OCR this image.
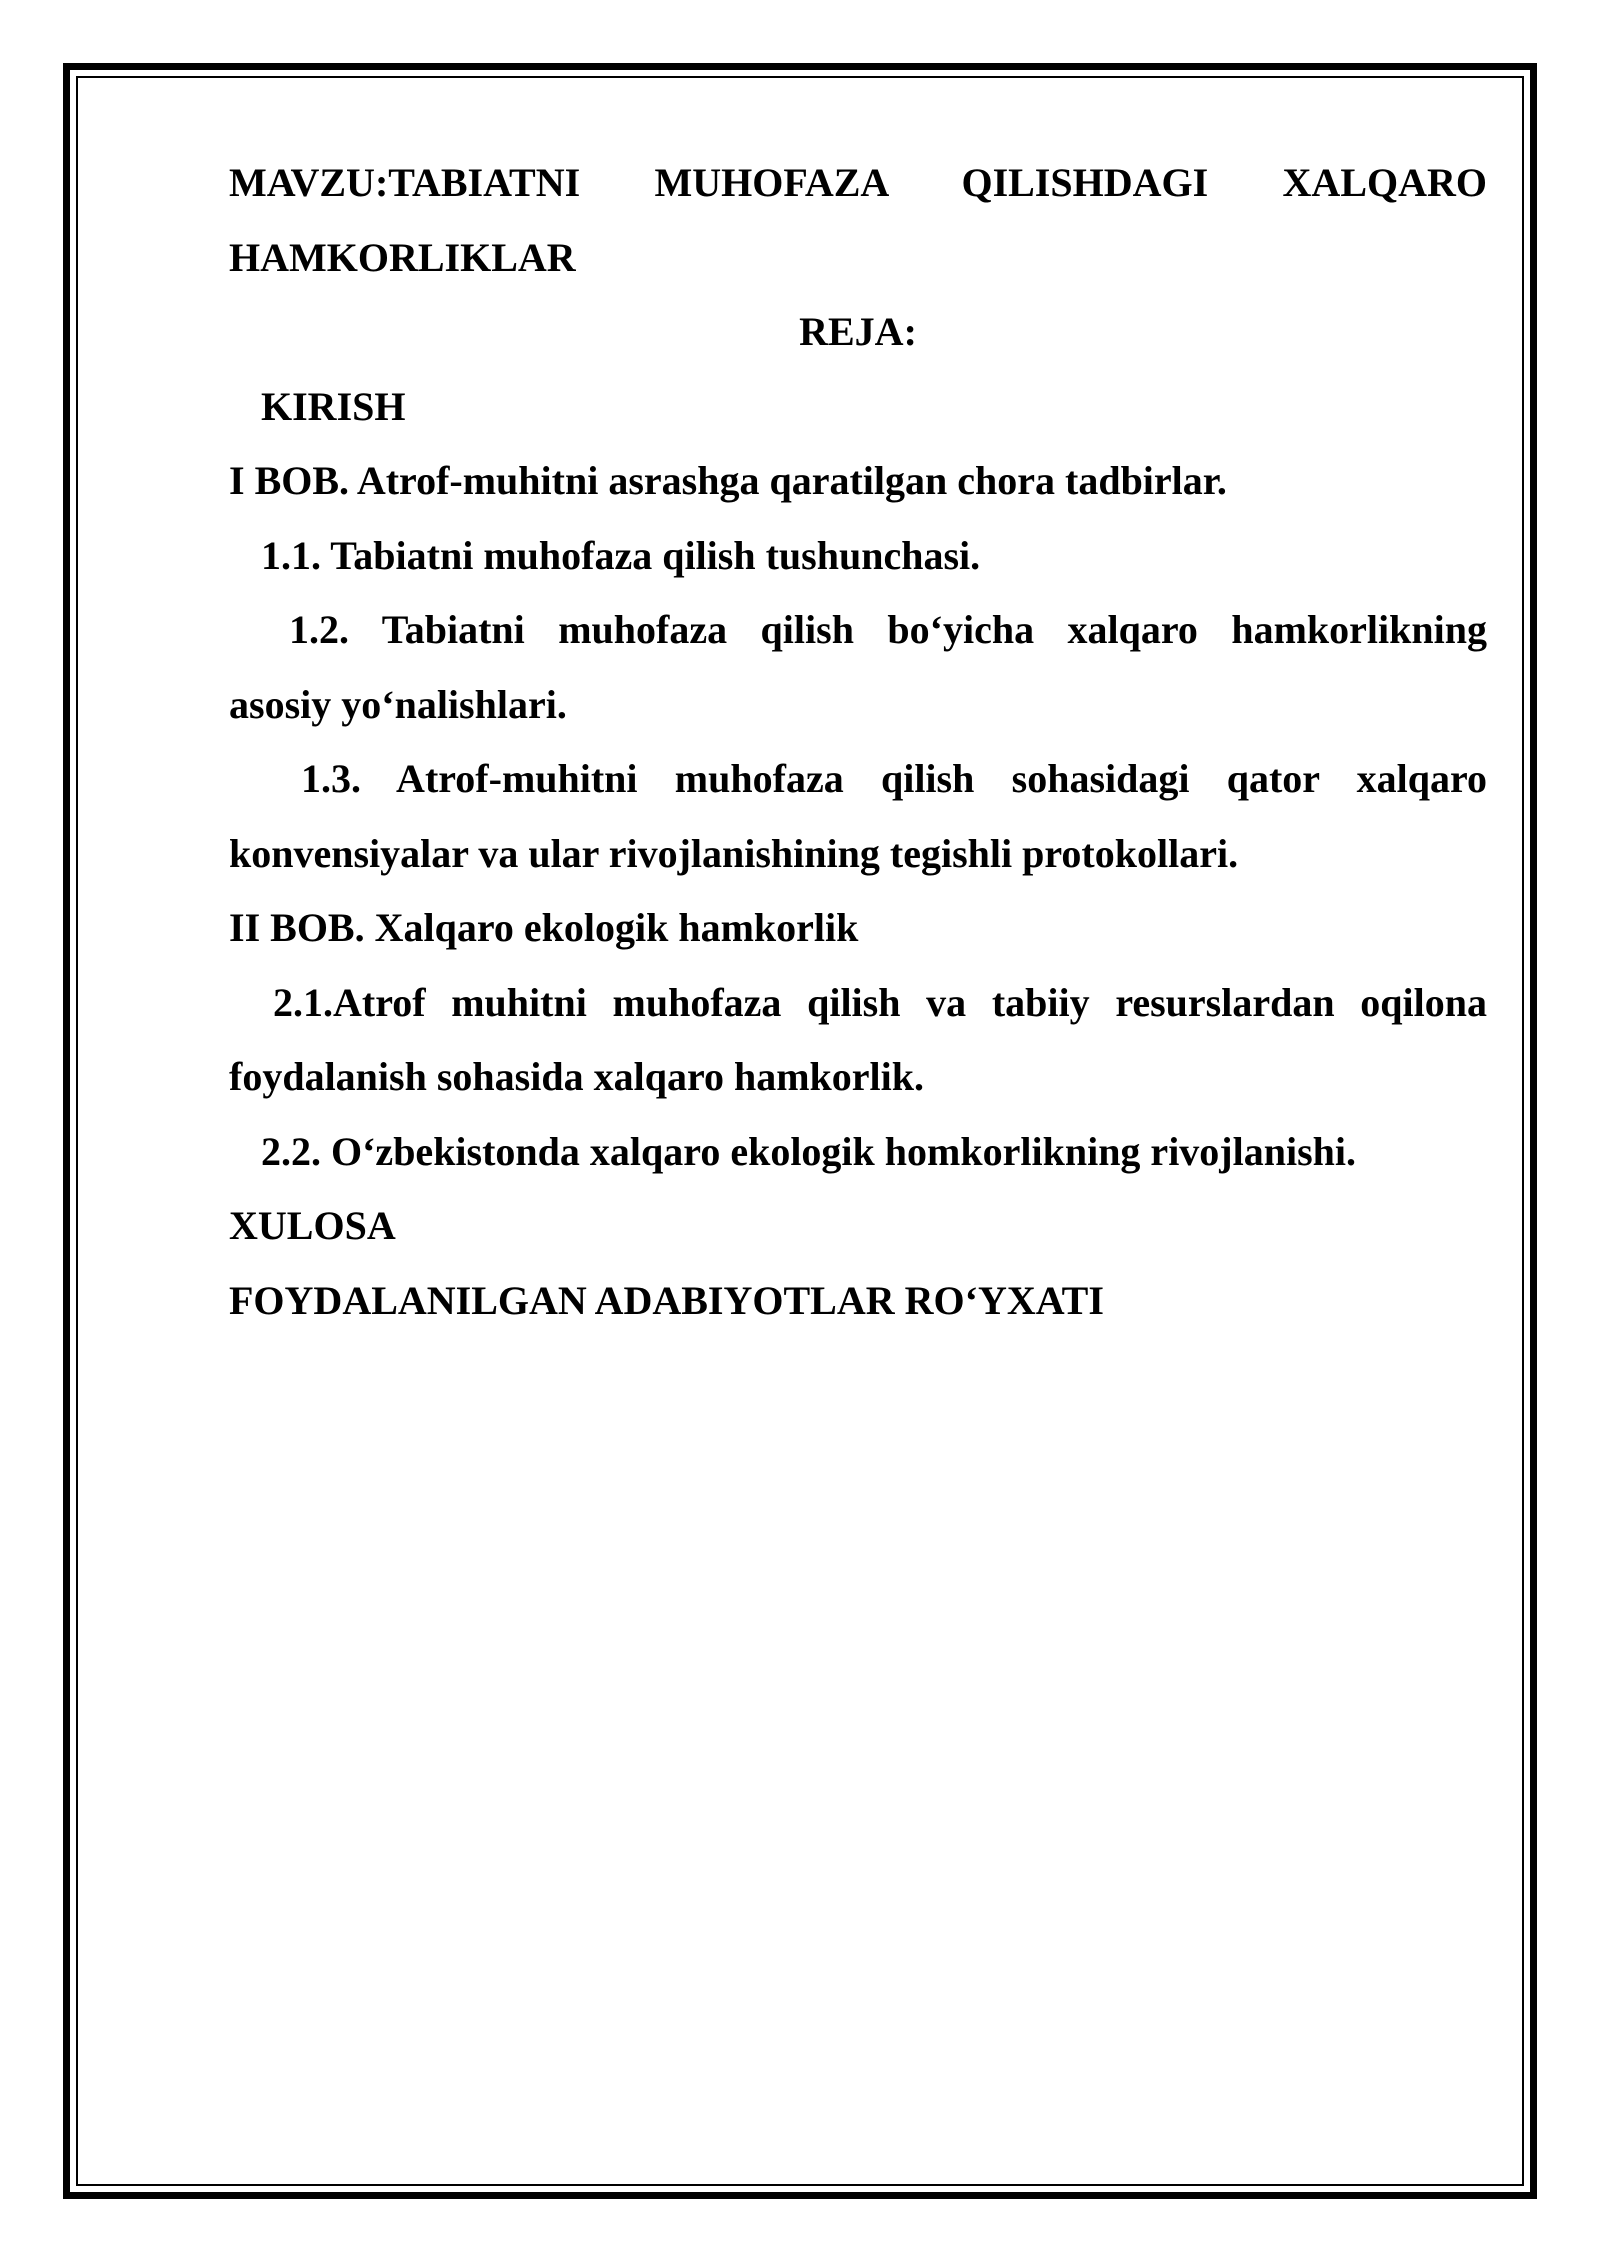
MAVZU:TABIATNI MUHOFAZA QILISHDAGI XALQARO

HAMKORLIKLAR

REJA:

KIRISH

I BOB. Atrof-muhitni asrashga qaratilgan chora tadbirlar.

1.1. Tabiatni muhofaza qilish tushunchasi.

1.2. Tabiatni muhofaza qilish bo‘yicha xalqaro hamkorlikning

asosiy yo‘nalishlari.

1.3. Atrof-muhitni muhofaza qilish sohasidagi qator xalqaro

konvensiyalar va ular rivojlanishining tegishli protokollari.

II BOB. Xalqaro ekologik hamkorlik

2.1.Atrof muhitni muhofaza qilish va tabiiy resurslardan oqilona

foydalanish sohasida xalqaro hamkorlik.

2.2. O‘zbekistonda xalqaro ekologik homkorlikning rivojlanishi.

XULOSA

FOYDALANILGAN ADABIYOTLAR RO‘YXATI
